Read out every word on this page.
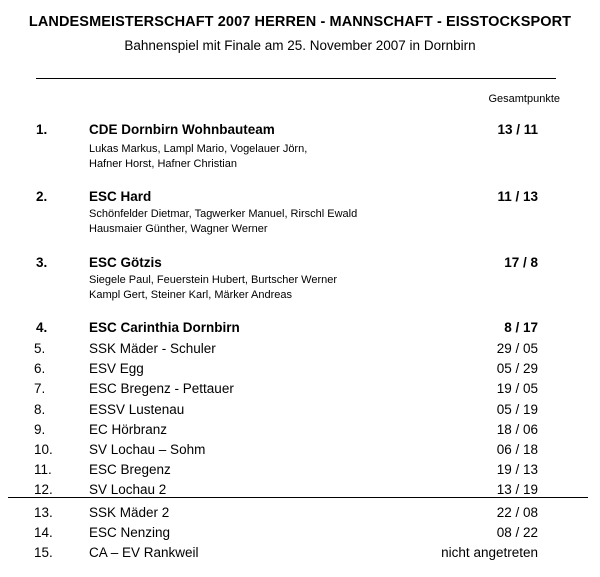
LANDESMEISTERSCHAFT 2007 HERREN - MANNSCHAFT - EISSTOCKSPORT
Bahnenspiel mit Finale am 25. November 2007 in Dornbirn
Gesamtpunkte
1.	CDE Dornbirn Wohnbauteam	13 / 11
Lukas Markus, Lampl Mario, Vogelauer Jörn,
Hafner Horst, Hafner Christian
2.	ESC Hard	11 / 13
Schönfelder Dietmar, Tagwerker Manuel, Rirschl Ewald
Hausmaier Günther, Wagner Werner
3.	ESC Götzis	17 / 8
Siegele Paul, Feuerstein Hubert, Burtscher Werner
Kampl Gert, Steiner Karl, Märker Andreas
4.	ESC Carinthia Dornbirn	8 / 17
5.	SSK Mäder - Schuler	29 / 05
6.	ESV Egg	05 / 29
7.	ESC Bregenz - Pettauer	19 / 05
8.	ESSV Lustenau	05 / 19
9.	EC Hörbranz	18 / 06
10.	SV Lochau – Sohm	06 / 18
11.	ESC Bregenz	19 / 13
12.	SV Lochau 2	13 / 19
13.	SSK Mäder 2	22 / 08
14.	ESC Nenzing	08 / 22
15.	CA – EV Rankweil	nicht angetreten
